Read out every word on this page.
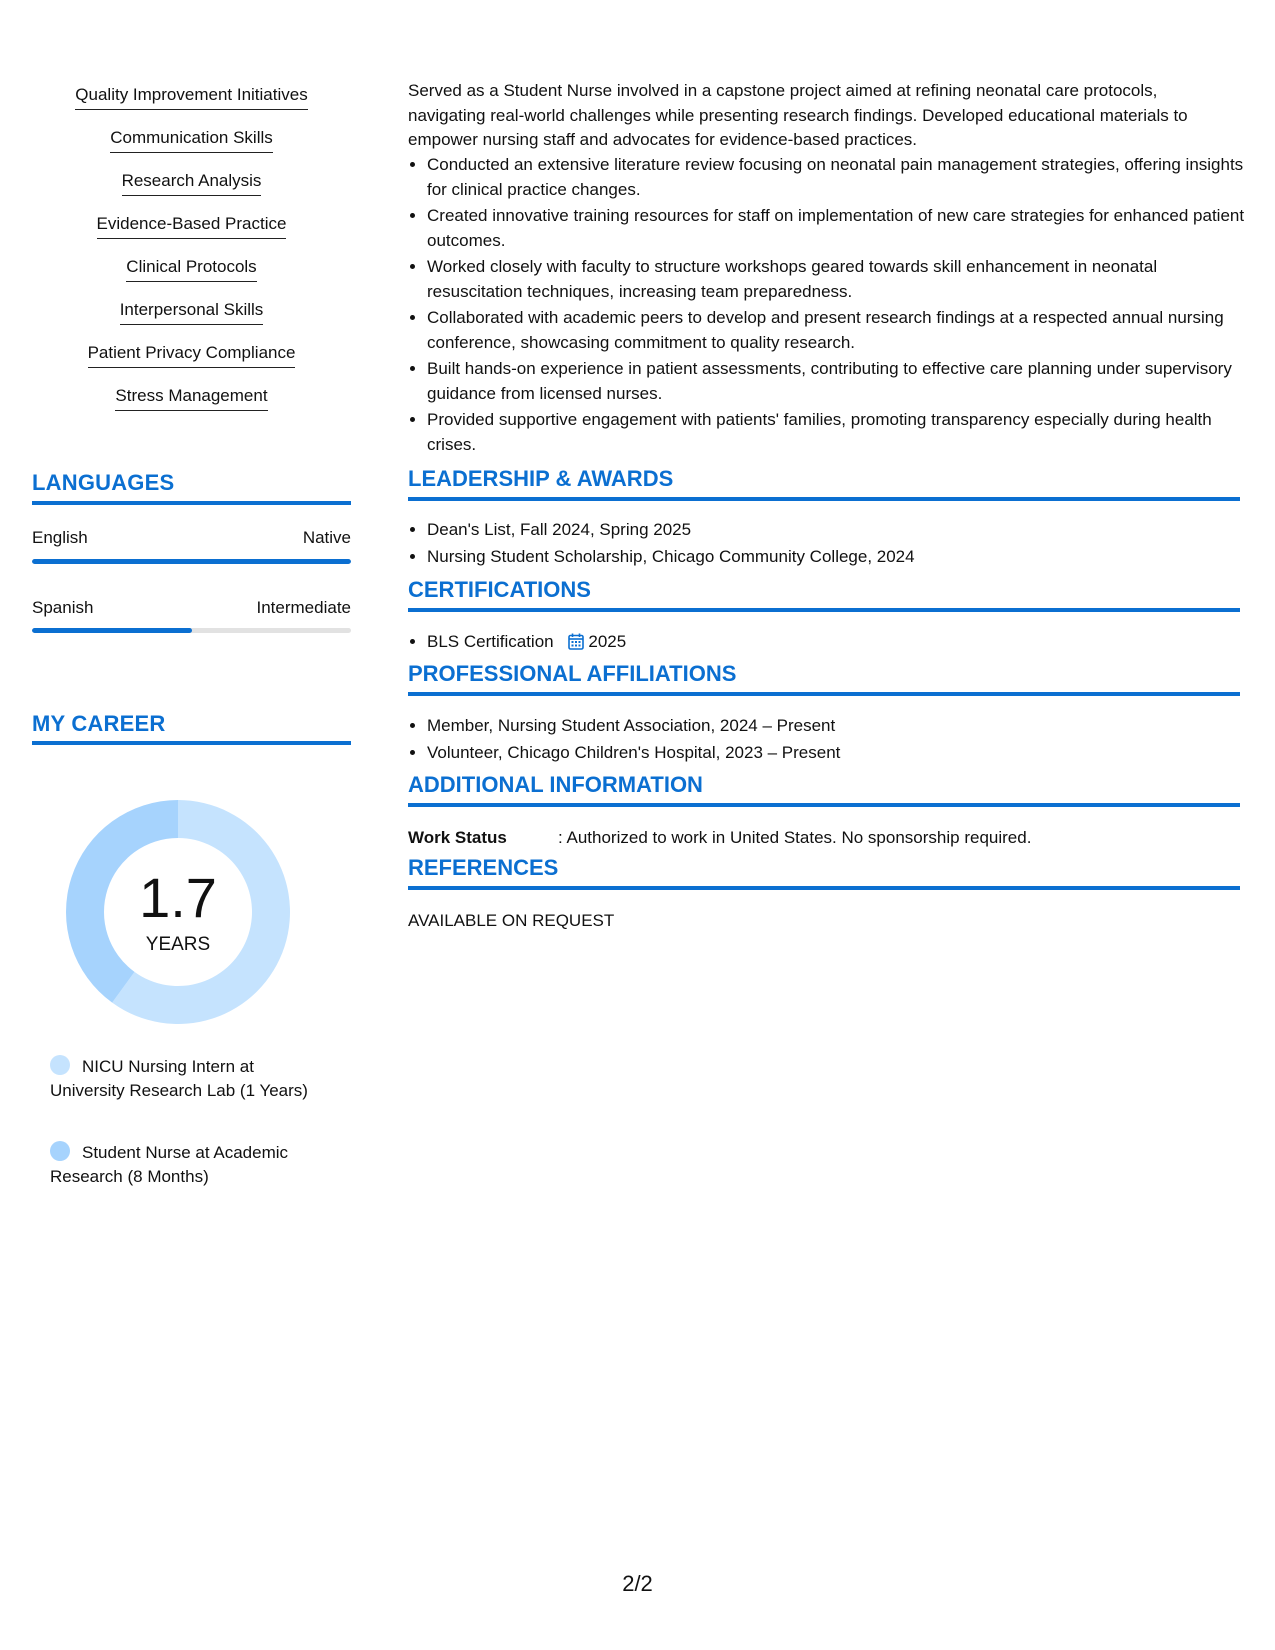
Quality Improvement Initiatives
Communication Skills
Research Analysis
Evidence-Based Practice
Clinical Protocols
Interpersonal Skills
Patient Privacy Compliance
Stress Management
LANGUAGES
English	Native
Spanish	Intermediate
MY CAREER
1.7
YEARS
NICU Nursing Intern at University Research Lab (1 Years)
Student Nurse at Academic Research (8 Months)
Served as a Student Nurse involved in a capstone project aimed at refining neonatal care protocols, navigating real-world challenges while presenting research findings. Developed educational materials to empower nursing staff and advocates for evidence-based practices.
• Conducted an extensive literature review focusing on neonatal pain management strategies, offering insights for clinical practice changes.
• Created innovative training resources for staff on implementation of new care strategies for enhanced patient outcomes.
• Worked closely with faculty to structure workshops geared towards skill enhancement in neonatal resuscitation techniques, increasing team preparedness.
• Collaborated with academic peers to develop and present research findings at a respected annual nursing conference, showcasing commitment to quality research.
• Built hands-on experience in patient assessments, contributing to effective care planning under supervisory guidance from licensed nurses.
• Provided supportive engagement with patients' families, promoting transparency especially during health crises.
LEADERSHIP & AWARDS
• Dean's List, Fall 2024, Spring 2025
• Nursing Student Scholarship, Chicago Community College, 2024
CERTIFICATIONS
• BLS Certification 2025
PROFESSIONAL AFFILIATIONS
• Member, Nursing Student Association, 2024 – Present
• Volunteer, Chicago Children's Hospital, 2023 – Present
ADDITIONAL INFORMATION
Work Status	: Authorized to work in United States. No sponsorship required.
REFERENCES
AVAILABLE ON REQUEST
2/2
